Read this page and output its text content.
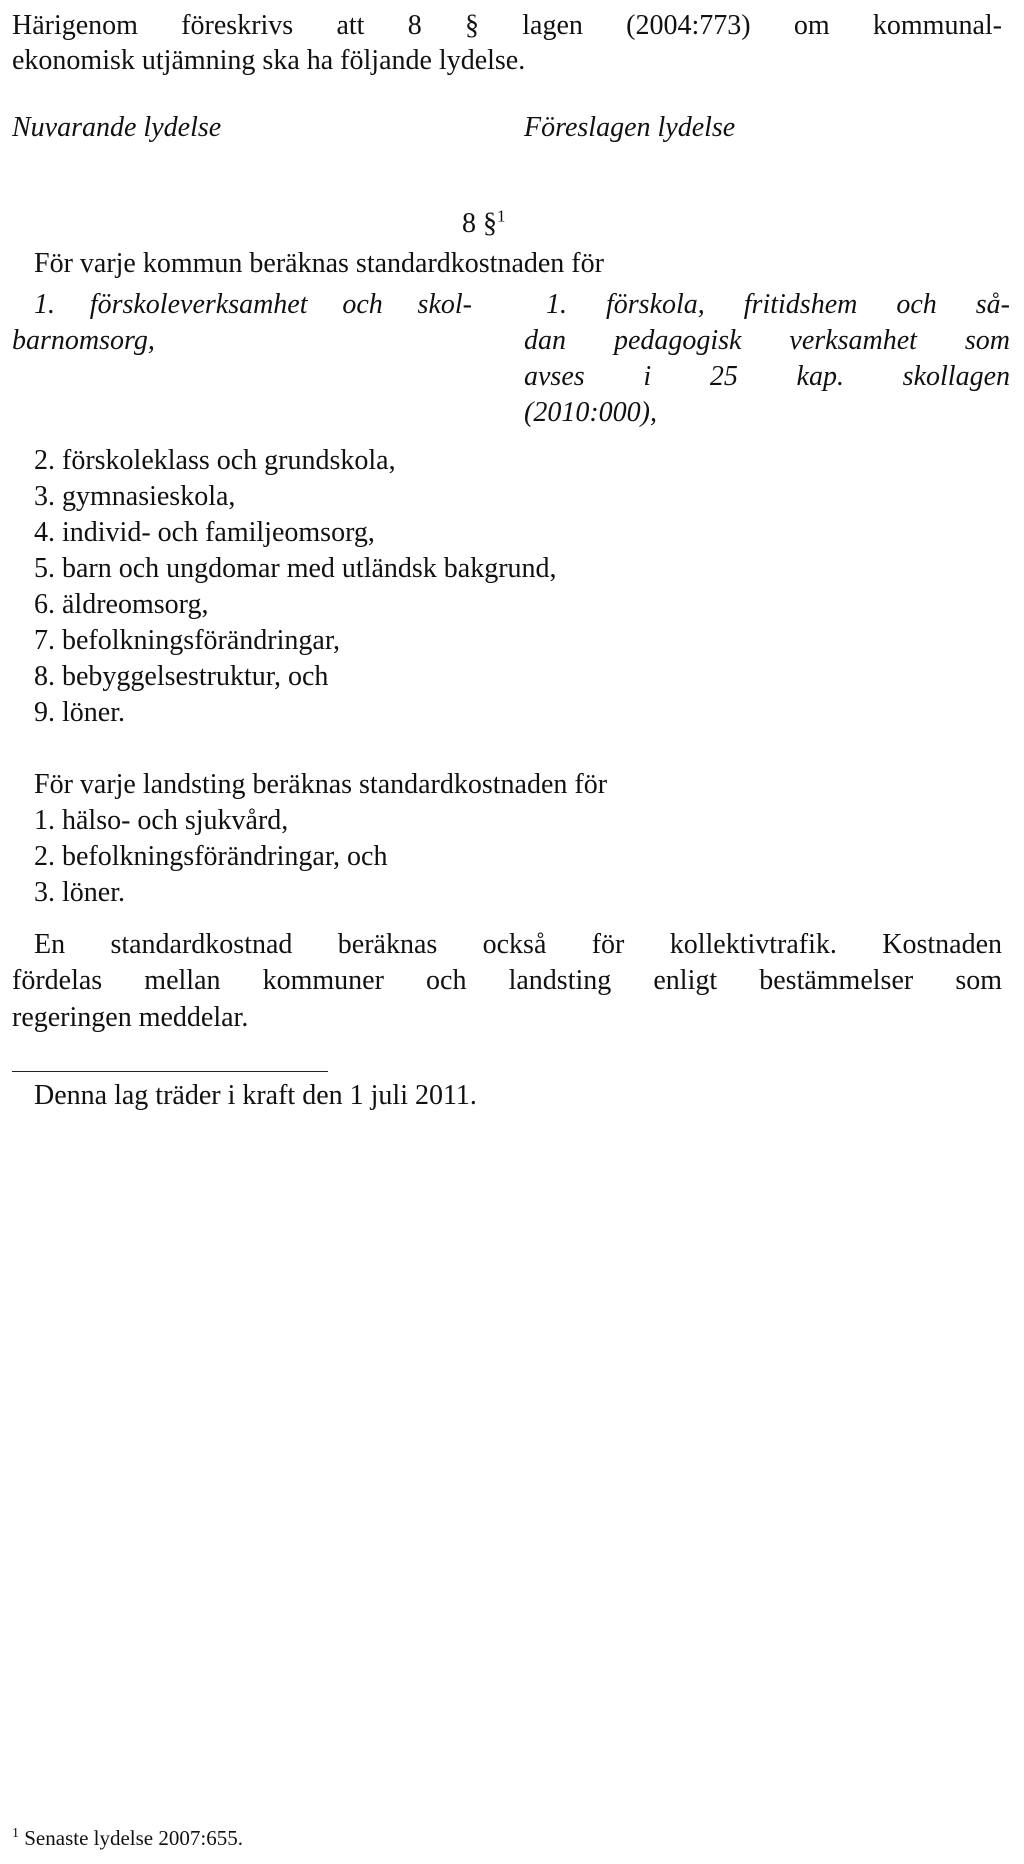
Härigenom föreskrivs att 8 § lagen (2004:773) om kommunal-
ekonomisk utjämning ska ha följande lydelse.
Nuvarande lydelse	Föreslagen lydelse
8 §$^1$
För varje kommun beräknas standardkostnaden för
1. förskoleverksamhet och skol-
barnomsorg,
1. förskola, fritidshem och så-
dan pedagogisk verksamhet som
avses i 25 kap. skollagen
(2010:000),
2. förskoleklass och grundskola,
3. gymnasieskola,
4. individ- och familjeomsorg,
5. barn och ungdomar med utländsk bakgrund,
6. äldreomsorg,
7. befolkningsförändringar,
8. bebyggelsestruktur, och
9. löner.
För varje landsting beräknas standardkostnaden för
1. hälso- och sjukvård,
2. befolkningsförändringar, och
3. löner.
En standardkostnad beräknas också för kollektivtrafik. Kostnaden
fördelas mellan kommuner och landsting enligt bestämmelser som
regeringen meddelar.
Denna lag träder i kraft den 1 juli 2011.
$^1$ Senaste lydelse 2007:655.
